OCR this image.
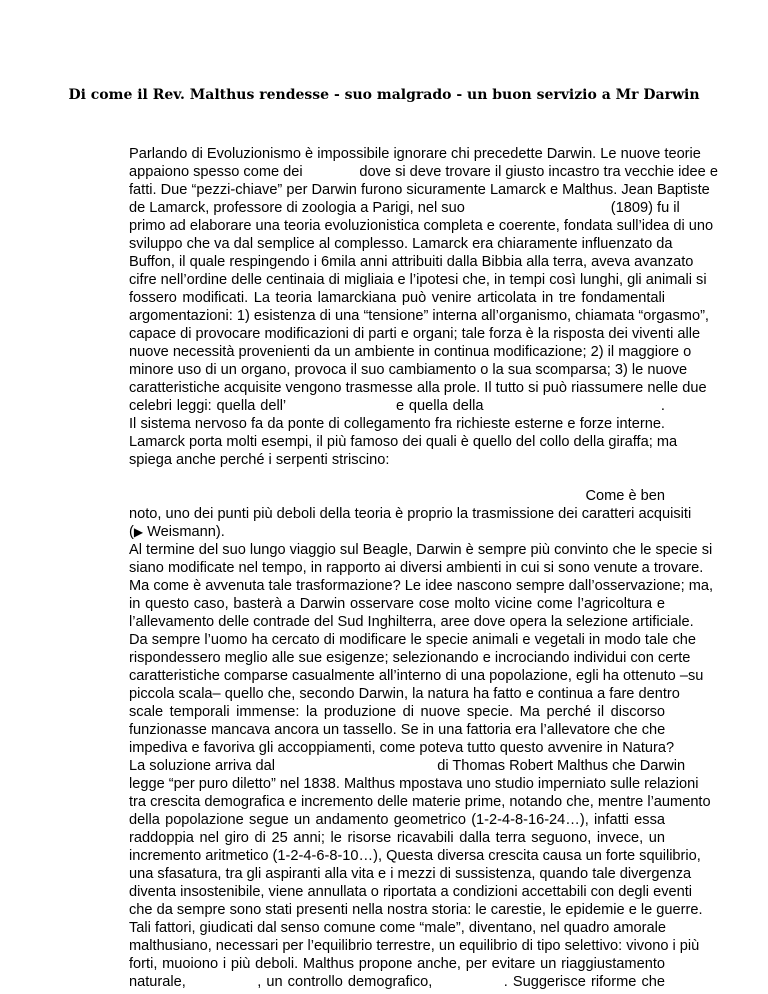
Di come il Rev. Malthus rendesse - suo malgrado - un buon servizio a Mr Darwin
Parlando di Evoluzionismo è impossibile ignorare chi precedette Darwin. Le nuove teorie
appaiono spesso come dei              dove si deve trovare il giusto incastro tra vecchie idee e
fatti. Due “pezzi-chiave” per Darwin furono sicuramente Lamarck e Malthus. Jean Baptiste
de Lamarck, professore di zoologia a Parigi, nel suo                                    (1809) fu il
primo ad elaborare una teoria evoluzionistica completa e coerente, fondata sull’idea di uno
sviluppo che va dal semplice al complesso. Lamarck era chiaramente influenzato da
Buffon, il quale respingendo i 6mila anni attribuiti dalla Bibbia alla terra, aveva avanzato
cifre nell’ordine delle centinaia di migliaia e l’ipotesi che, in tempi così lunghi, gli animali si
fossero modificati. La teoria lamarckiana può venire articolata in tre fondamentali
argomentazioni: 1) esistenza di una “tensione” interna all’organismo, chiamata “orgasmo”,
capace di provocare modificazioni di parti e organi; tale forza è la risposta dei viventi alle
nuove necessità provenienti da un ambiente in continua modificazione; 2) il maggiore o
minore uso di un organo, provoca il suo cambiamento o la sua scomparsa; 3) le nuove
caratteristiche acquisite vengono trasmesse alla prole. Il tutto si può riassumere nelle due
celebri leggi: quella dell’                       e quella della                                     .
Il sistema nervoso fa da ponte di collegamento fra richieste esterne e forze interne.
Lamarck porta molti esempi, il più famoso dei quali è quello del collo della giraffa; ma
spiega anche perché i serpenti striscino:
Come è ben
noto, uno dei punti più deboli della teoria è proprio la trasmissione dei caratteri acquisiti
(▶ Weismann).
Al termine del suo lungo viaggio sul Beagle, Darwin è sempre più convinto che le specie si
siano modificate nel tempo, in rapporto ai diversi ambienti in cui si sono venute a trovare.
Ma come è avvenuta tale trasformazione? Le idee nascono sempre dall’osservazione; ma,
in questo caso, basterà a Darwin osservare cose molto vicine come l’agricoltura e
l’allevamento delle contrade del Sud Inghilterra, aree dove opera la selezione artificiale.
Da sempre l’uomo ha cercato di modificare le specie animali e vegetali in modo tale che
rispondessero meglio alle sue esigenze; selezionando e incrociando individui con certe
caratteristiche comparse casualmente all’interno di una popolazione, egli ha ottenuto –su
piccola scala– quello che, secondo Darwin, la natura ha fatto e continua a fare dentro
scale temporali immense: la produzione di nuove specie. Ma perché il discorso
funzionasse mancava ancora un tassello. Se in una fattoria era l’allevatore che che
impediva e favoriva gli accoppiamenti, come poteva tutto questo avvenire in Natura?
La soluzione arriva dal                                        di Thomas Robert Malthus che Darwin
legge “per puro diletto” nel 1838. Malthus mpostava uno studio imperniato sulle relazioni
tra crescita demografica e incremento delle materie prime, notando che, mentre l’aumento
della popolazione segue un andamento geometrico (1-2-4-8-16-24…), infatti essa
raddoppia nel giro di 25 anni; le risorse ricavabili dalla terra seguono, invece, un
incremento aritmetico (1-2-4-6-8-10…), Questa diversa crescita causa un forte squilibrio,
una sfasatura, tra gli aspiranti alla vita e i mezzi di sussistenza, quando tale divergenza
diventa insostenibile, viene annullata o riportata a condizioni accettabili con degli eventi
che da sempre sono stati presenti nella nostra storia: le carestie, le epidemie e le guerre.
Tali fattori, giudicati dal senso comune come “male”, diventano, nel quadro amorale
malthusiano, necessari per l’equilibrio terrestre, un equilibrio di tipo selettivo: vivono i più
forti, muoiono i più deboli. Malthus propone anche, per evitare un riaggiustamento
naturale,              , un controllo demografico,              . Suggerisce riforme che
